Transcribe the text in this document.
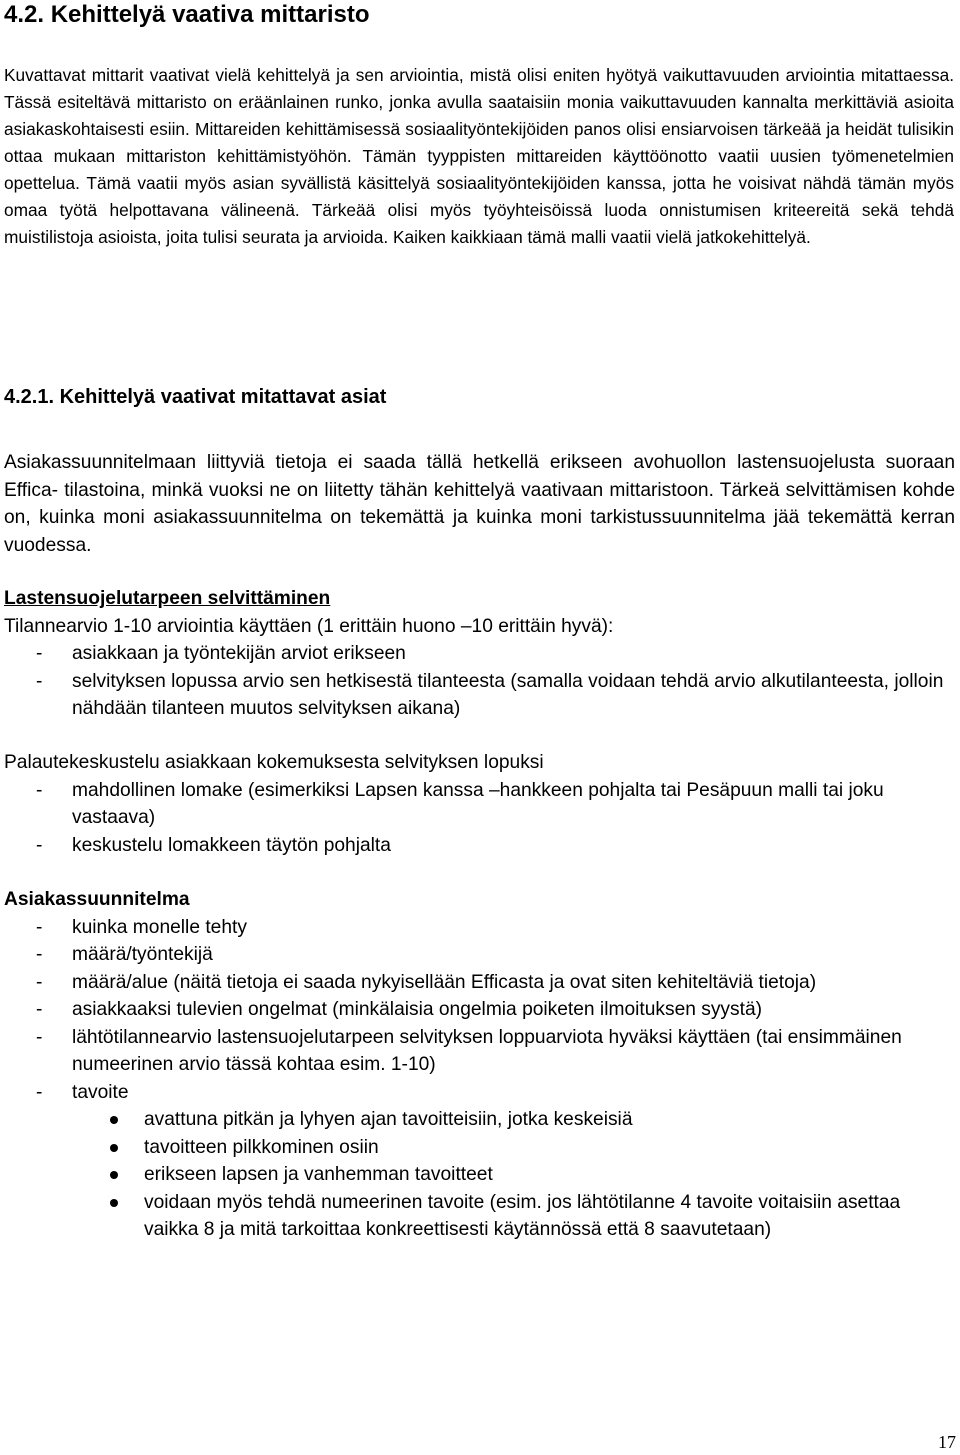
4.2. Kehittelyä vaativa mittaristo

Kuvattavat mittarit vaativat vielä kehittelyä ja sen arviointia, mistä olisi eniten hyötyä vaikuttavuuden arviointia mitattaessa. Tässä esiteltävä mittaristo on eräänlainen runko, jonka avulla saataisiin monia vaikuttavuuden kannalta merkittäviä asioita asiakaskohtaisesti esiin. Mittareiden kehittämisessä sosiaalityöntekijöiden panos olisi ensiarvoisen tärkeää ja heidät tulisikin ottaa mukaan mittariston kehittämistyöhön. Tämän tyyppisten mittareiden käyttöönotto vaatii uusien työmenetelmien opettelua. Tämä vaatii myös asian syvällistä käsittelyä sosiaalityöntekijöiden kanssa, jotta he voisivat nähdä tämän myös omaa työtä helpottavana välineenä. Tärkeää olisi myös työyhteisöissä luoda onnistumisen kriteereitä sekä tehdä muistilistoja asioista, joita tulisi seurata ja arvioida. Kaiken kaikkiaan tämä malli vaatii vielä jatkokehittelyä.

4.2.1. Kehittelyä vaativat mitattavat asiat

Asiakassuunnitelmaan liittyviä tietoja ei saada tällä hetkellä erikseen avohuollon lastensuojelusta suoraan Effica- tilastoina, minkä vuoksi ne on liitetty tähän kehittelyä vaativaan mittaristoon. Tärkeä selvittämisen kohde on, kuinka moni asiakassuunnitelma on tekemättä ja kuinka moni tarkistussuunnitelma jää tekemättä kerran vuodessa.

Lastensuojelutarpeen selvittäminen
Tilannearvio 1-10 arviointia käyttäen (1 erittäin huono –10 erittäin hyvä):
- asiakkaan ja työntekijän arviot erikseen
- selvityksen lopussa arvio sen hetkisestä tilanteesta (samalla voidaan tehdä arvio alkutilanteesta, jolloin nähdään tilanteen muutos selvityksen aikana)
Palautekeskustelu asiakkaan kokemuksesta selvityksen lopuksi
- mahdollinen lomake (esimerkiksi Lapsen kanssa –hankkeen pohjalta tai Pesäpuun malli tai joku vastaava)
- keskustelu lomakkeen täytön pohjalta
Asiakassuunnitelma
- kuinka monelle tehty
- määrä/työntekijä
- määrä/alue (näitä tietoja ei saada nykyisellään Efficasta ja ovat siten kehiteltäviä tietoja)
- asiakkaaksi tulevien ongelmat (minkälaisia ongelmia poiketen ilmoituksen syystä)
- lähtötilannearvio lastensuojelutarpeen selvityksen loppuarviota hyväksi käyttäen (tai ensimmäinen numeerinen arvio tässä kohtaa esim. 1-10)
- tavoite
avattuna pitkän ja lyhyen ajan tavoitteisiin, jotka keskeisiä
tavoitteen pilkkominen osiin
erikseen lapsen ja vanhemman tavoitteet
voidaan myös tehdä numeerinen tavoite (esim. jos lähtötilanne 4 tavoite voitaisiin asettaa vaikka 8 ja mitä tarkoittaa konkreettisesti käytännössä että 8 saavutetaan)
17
